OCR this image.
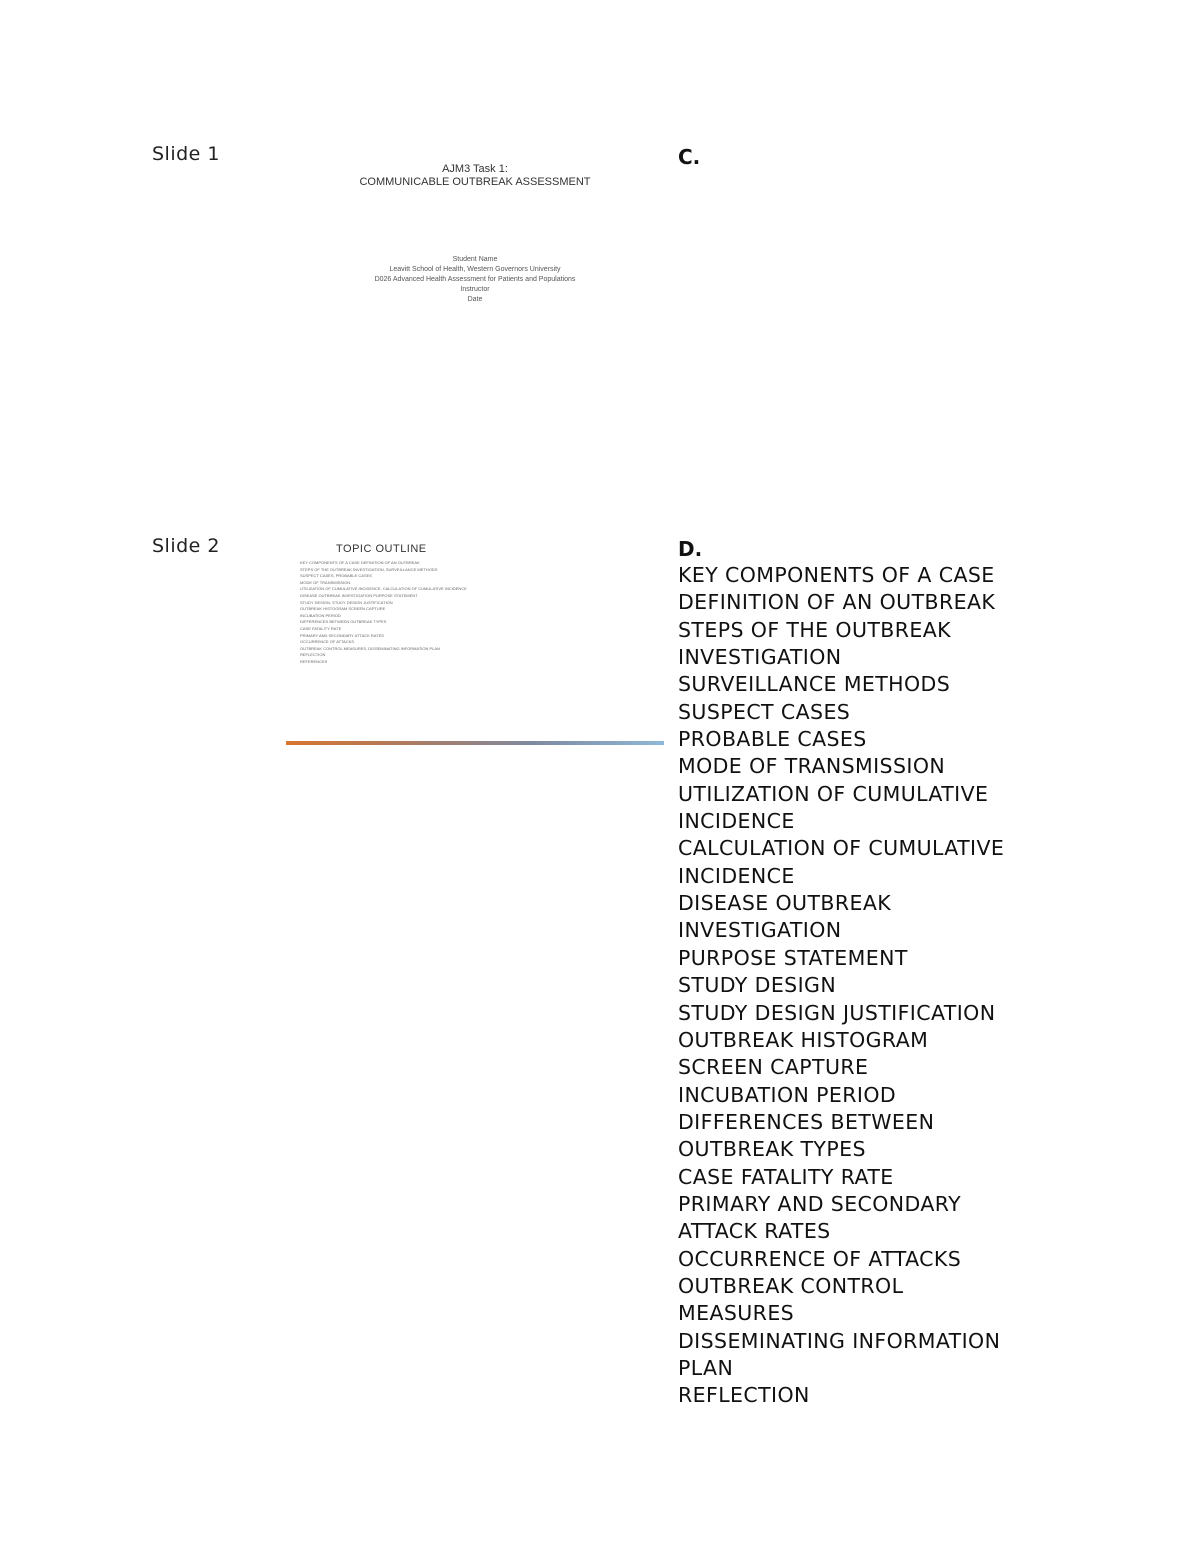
Slide 1
AJM3 Task 1:
COMMUNICABLE OUTBREAK ASSESSMENT
Student Name
Leavitt School of Health, Western Governors University
D026 Advanced Health Assessment for Patients and Populations
Instructor
Date
C.
Slide 2	TOPIC OUTLINE
KEY COMPONENTS OF A CASE DEFINITION OF AN OUTBREAK
STEPS OF THE OUTBREAK INVESTIGATION, SURVEILLANCE METHODS
SUSPECT CASES, PROBABLE CASES
MODE OF TRANSMISSION
UTILIZATION OF CUMULATIVE INCIDENCE, CALCULATION OF CUMULATIVE INCIDENCE
DISEASE OUTBREAK INVESTIGATION PURPOSE STATEMENT
STUDY DESIGN, STUDY DESIGN JUSTIFICATION
OUTBREAK HISTOGRAM SCREEN CAPTURE
INCUBATION PERIOD
DIFFERENCES BETWEEN OUTBREAK TYPES
CASE FATALITY RATE
PRIMARY AND SECONDARY ATTACK RATES
OCCURRENCE OF ATTACKS
OUTBREAK CONTROL MEASURES, DISSEMINATING INFORMATION PLAN
REFLECTION
REFERENCES
D.
KEY COMPONENTS OF A CASE
DEFINITION OF AN OUTBREAK
STEPS OF THE OUTBREAK
INVESTIGATION
SURVEILLANCE METHODS
SUSPECT CASES
PROBABLE CASES
MODE OF TRANSMISSION
UTILIZATION OF CUMULATIVE
INCIDENCE
CALCULATION OF CUMULATIVE
INCIDENCE
DISEASE OUTBREAK
INVESTIGATION
PURPOSE STATEMENT
STUDY DESIGN
STUDY DESIGN JUSTIFICATION
OUTBREAK HISTOGRAM
SCREEN CAPTURE
INCUBATION PERIOD
DIFFERENCES BETWEEN
OUTBREAK TYPES
CASE FATALITY RATE
PRIMARY AND SECONDARY
ATTACK RATES
OCCURRENCE OF ATTACKS
OUTBREAK CONTROL
MEASURES
DISSEMINATING INFORMATION
PLAN
REFLECTION
